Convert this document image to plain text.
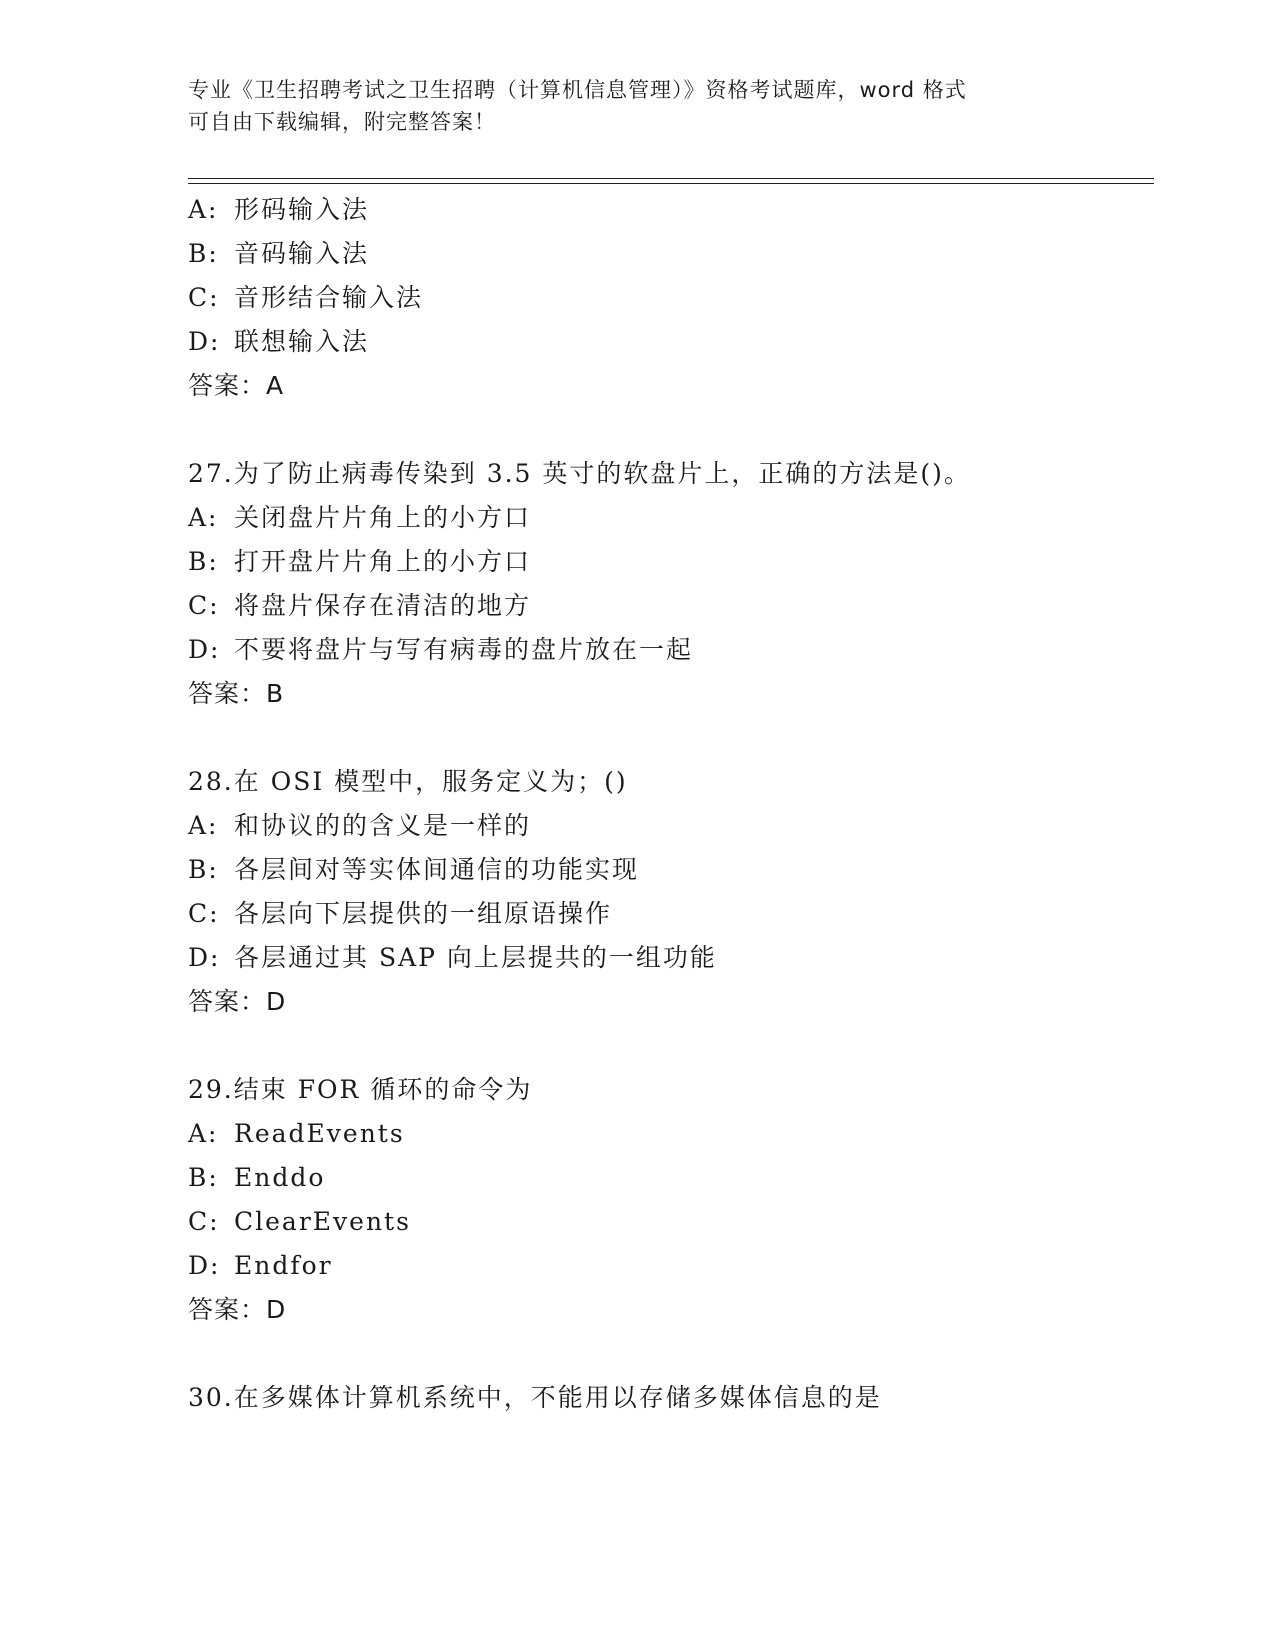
专业《卫生招聘考试之卫生招聘（计算机信息管理）》资格考试题库，word 格式
可自由下载编辑，附完整答案！
A: 形码输入法
B: 音码输入法
C: 音形结合输入法
D: 联想输入法
答案：A
27.为了防止病毒传染到 3.5 英寸的软盘片上，正确的方法是()。
A: 关闭盘片片角上的小方口
B: 打开盘片片角上的小方口
C: 将盘片保存在清洁的地方
D: 不要将盘片与写有病毒的盘片放在一起
答案：B
28.在 OSI 模型中，服务定义为；()
A: 和协议的的含义是一样的
B: 各层间对等实体间通信的功能实现
C: 各层向下层提供的一组原语操作
D: 各层通过其 SAP 向上层提共的一组功能
答案：D
29.结束 FOR 循环的命令为
A: ReadEvents
B: Enddo
C: ClearEvents
D: Endfor
答案：D
30.在多媒体计算机系统中，不能用以存储多媒体信息的是
